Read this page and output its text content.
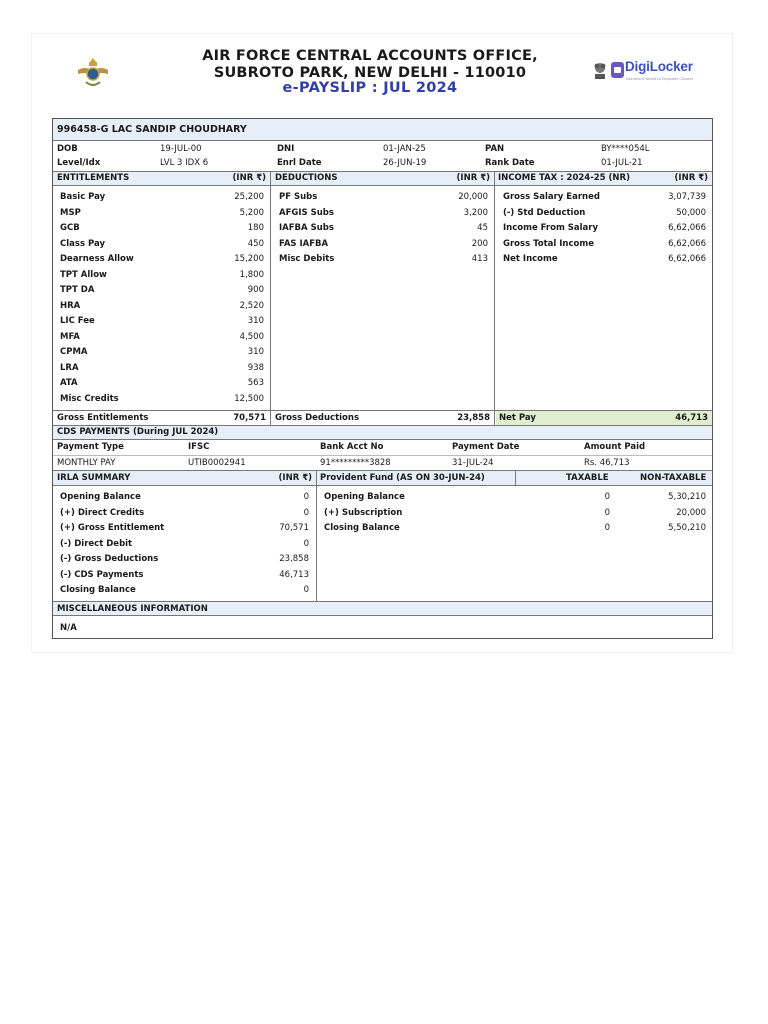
AIR FORCE CENTRAL ACCOUNTS OFFICE,
SUBROTO PARK, NEW DELHI - 110010
e-PAYSLIP : JUL 2024
DigiLocker
Document Wallet to Empower Citizens
996458-G LAC SANDIP CHOUDHARY
DOB	19-JUL-00	DNI	01-JAN-25	PAN	BY****054L
Level/Idx	LVL 3 IDX 6	Enrl Date	26-JUN-19	Rank Date	01-JUL-21
ENTITLEMENTS	(INR ₹) DEDUCTIONS	(INR ₹) INCOME TAX : 2024-25 (NR)	(INR ₹)
Basic Pay	25,200
MSP	5,200
GCB	180
Class Pay	450
Dearness Allow	15,200
TPT Allow	1,800
TPT DA	900
HRA	2,520
LIC Fee	310
MFA	4,500
CPMA	310
LRA	938
ATA	563
Misc Credits	12,500
PF Subs	20,000
AFGIS Subs	3,200
IAFBA Subs	45
FAS IAFBA	200
Misc Debits	413
Gross Salary Earned	3,07,739
(-) Std Deduction	50,000
Income From Salary	6,62,066
Gross Total Income	6,62,066
Net Income	6,62,066
Gross Entitlements	70,571 Gross Deductions	23,858 Net Pay	46,713
CDS PAYMENTS (During JUL 2024)
Payment Type	IFSC	Bank Acct No	Payment Date	Amount Paid
MONTHLY PAY	UTIB0002941	91*********3828	31-JUL-24	Rs. 46,713
IRLA SUMMARY	(INR ₹) Provident Fund (AS ON 30-JUN-24)	TAXABLE	NON-TAXABLE
Opening Balance	0
(+) Direct Credits	0
(+) Gross Entitlement	70,571
(-) Direct Debit	0
(-) Gross Deductions	23,858
(-) CDS Payments	46,713
Closing Balance	0
Opening Balance	0	5,30,210
(+) Subscription	0	20,000
Closing Balance	0	5,50,210
MISCELLANEOUS INFORMATION
N/A
